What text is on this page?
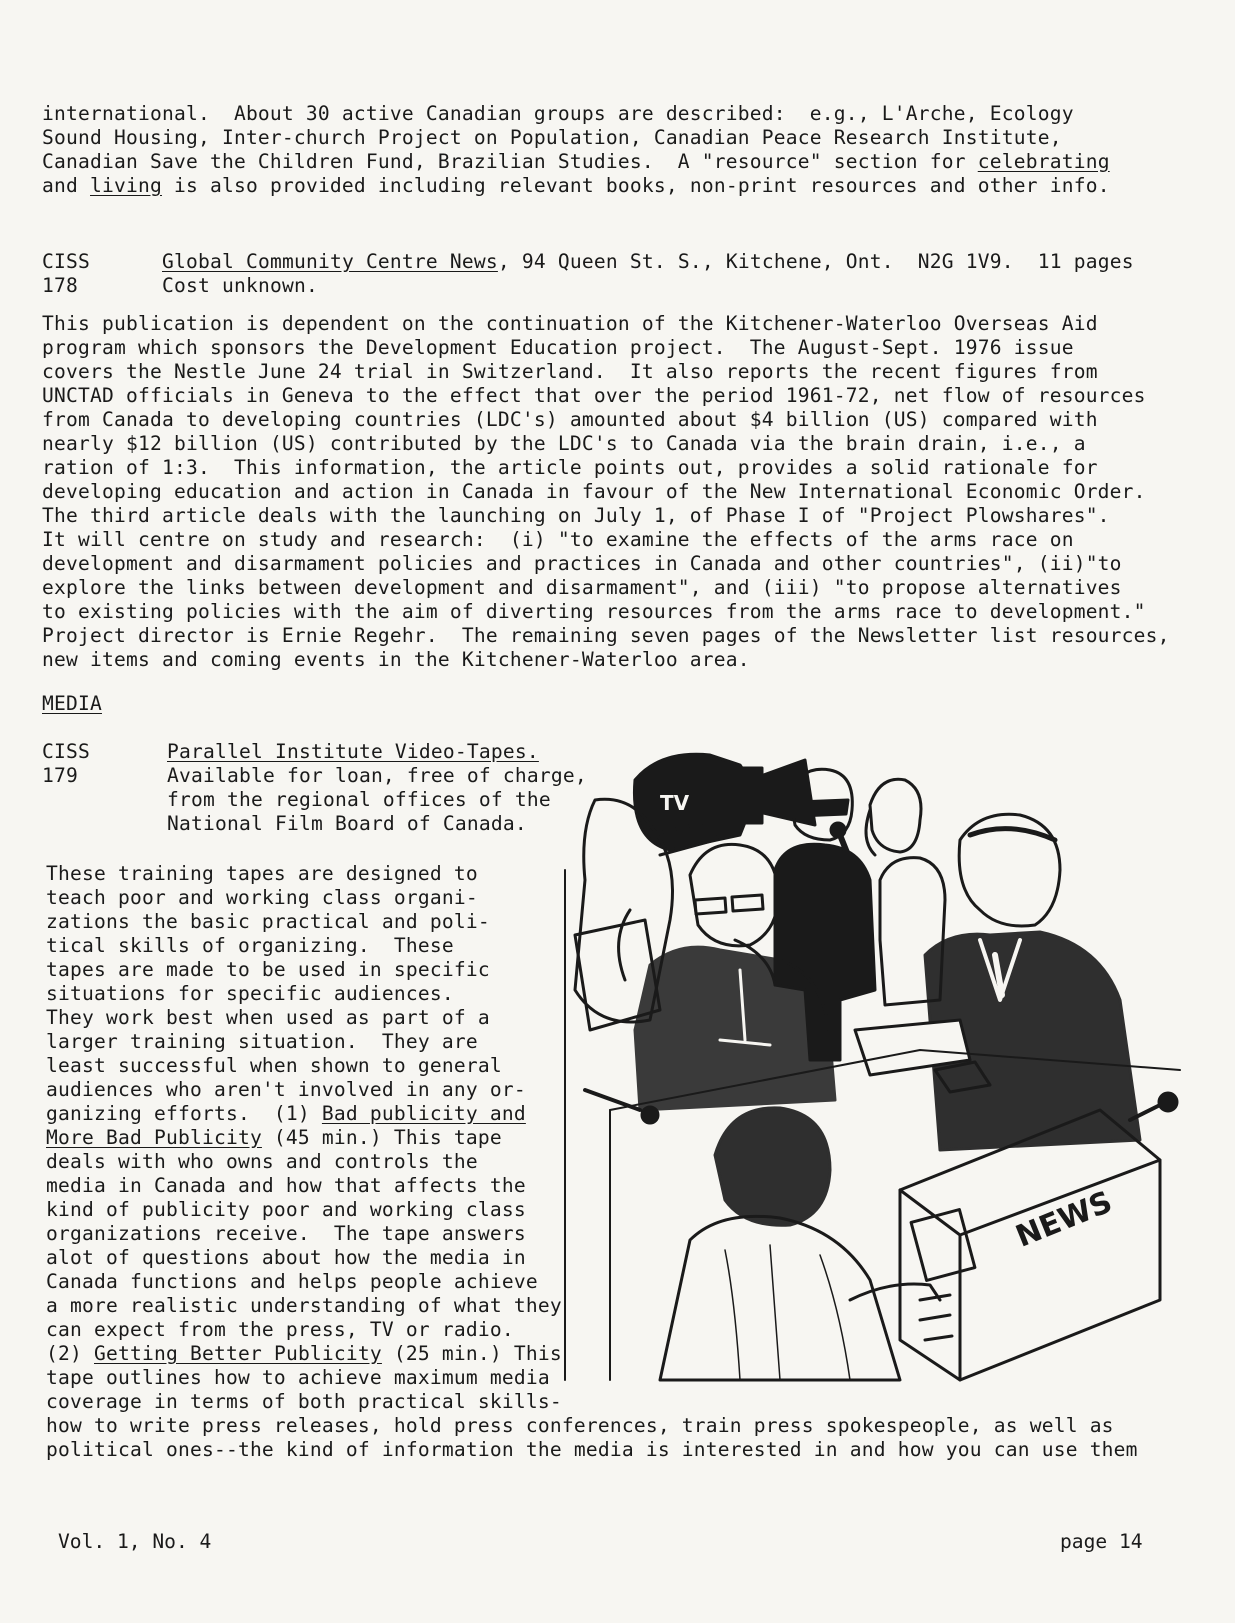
international.  About 30 active Canadian groups are described:  e.g., L'Arche, Ecology
Sound Housing, Inter-church Project on Population, Canadian Peace Research Institute,
Canadian Save the Children Fund, Brazilian Studies.  A "resource" section for celebrating
and living is also provided including relevant books, non-print resources and other info.
CISS
178
Global Community Centre News, 94 Queen St. S., Kitchene, Ont.  N2G 1V9.  11 pages
Cost unknown.
This publication is dependent on the continuation of the Kitchener-Waterloo Overseas Aid
program which sponsors the Development Education project.  The August-Sept. 1976 issue
covers the Nestle June 24 trial in Switzerland.  It also reports the recent figures from
UNCTAD officials in Geneva to the effect that over the period 1961-72, net flow of resources
from Canada to developing countries (LDC's) amounted about $4 billion (US) compared with
nearly $12 billion (US) contributed by the LDC's to Canada via the brain drain, i.e., a
ration of 1:3.  This information, the article points out, provides a solid rationale for
developing education and action in Canada in favour of the New International Economic Order.
The third article deals with the launching on July 1, of Phase I of "Project Plowshares".
It will centre on study and research:  (i) "to examine the effects of the arms race on
development and disarmament policies and practices in Canada and other countries", (ii)"to
explore the links between development and disarmament", and (iii) "to propose alternatives
to existing policies with the aim of diverting resources from the arms race to development."
Project director is Ernie Regehr.  The remaining seven pages of the Newsletter list resources,
new items and coming events in the Kitchener-Waterloo area.
MEDIA
CISS
179
Parallel Institute Video-Tapes.
Available for loan, free of charge,
from the regional offices of the
National Film Board of Canada.
These training tapes are designed to
teach poor and working class organi-
zations the basic practical and poli-
tical skills of organizing.  These
tapes are made to be used in specific
situations for specific audiences.
They work best when used as part of a
larger training situation.  They are
least successful when shown to general
audiences who aren't involved in any or-
ganizing efforts.  (1) Bad publicity and
More Bad Publicity (45 min.) This tape
deals with who owns and controls the
media in Canada and how that affects the
kind of publicity poor and working class
organizations receive.  The tape answers
alot of questions about how the media in
Canada functions and helps people achieve
a more realistic understanding of what they
can expect from the press, TV or radio.
(2) Getting Better Publicity (25 min.) This
tape outlines how to achieve maximum media
coverage in terms of both practical skills-
how to write press releases, hold press conferences, train press spokespeople, as well as
political ones--the kind of information the media is interested in and how you can use them
TV
NEWS
Vol. 1, No. 4	page 14
